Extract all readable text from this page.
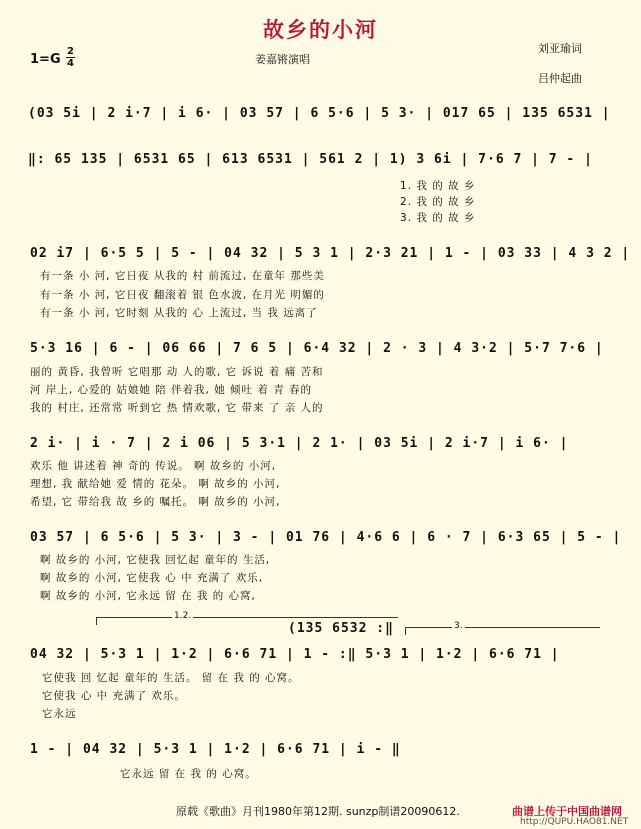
故乡的小河
1=G
2
4	姜嘉锵演唱
刘亚瑜词
吕仲起曲
(03 5i | 2 i·7 | i 6· | 03 57 | 6 5·6 | 5 3· | 017 65 | 135 6531 |
‖: 65 135 | 6531 65 | 613 6531 | 561 2 | 1) 3 6i | 7·6 7 | 7 - |
1. 我 的 故 乡
2. 我 的 故 乡
3. 我 的 故 乡
02 i7 | 6·5 5 | 5 - | 04 32 | 5 3 1 | 2·3 21 | 1 - | 03 33 | 4 3 2 |
有一条 小 河, 它日夜 从我的 村 前流过, 在童年 那些美
有一条 小 河, 它日夜 翻滚着 银 色水波, 在月光 明媚的
有一条 小 河, 它时刻 从我的 心 上流过, 当 我 远离了
5·3 16 | 6 - | 06 66 | 7 6 5 | 6·4 32 | 2 · 3 | 4 3·2 | 5·7 7·6 |
丽的 黄昏, 我曾听 它唱那 动 人的歌, 它 诉说 着 痛 苦和
河 岸上, 心爱的 姑娘她 陪 伴着我, 她 倾吐 着 青 春的
我的 村庄, 还常常 听到它 热 情欢歌, 它 带来 了 亲 人的
2 i· | i · 7 | 2 i 06 | 5 3·1 | 2 1· | 03 5i | 2 i·7 | i 6· |
欢乐 他 讲述着 神 奇的 传说。 啊 故乡的 小河,
理想, 我 献给她 爱 情的 花朵。 啊 故乡的 小河,
希望, 它 带给我 故 乡的 嘱托。 啊 故乡的 小河,
03 57 | 6 5·6 | 5 3· | 3 - | 01 76 | 4·6 6 | 6 · 7 | 6·3 65 | 5 - |
啊 故乡的 小河, 它使我 回忆起 童年的 生活,
啊 故乡的 小河, 它使我 心 中 充满了 欢乐,
啊 故乡的 小河, 它永远 留 在 我 的 心窝,
1.2.
3.
(135 6532 :‖
04 32 | 5·3 1 | 1·2 | 6·6 71 | 1 - :‖ 5·3 1 | 1·2 | 6·6 71 |
它使我 回 忆起 童年的 生活。 留 在 我 的 心窝。
它使我 心 中 充满了 欢乐。
它永远
1 - | 04 32 | 5·3 1 | 1·2 | 6·6 71 | i - ‖
它永远 留 在 我 的 心窝。
原载《歌曲》月刊1980年第12期. sunzp制谱20090612.	曲谱上传于中国曲谱网
http://QUPU.HAO81.NET
